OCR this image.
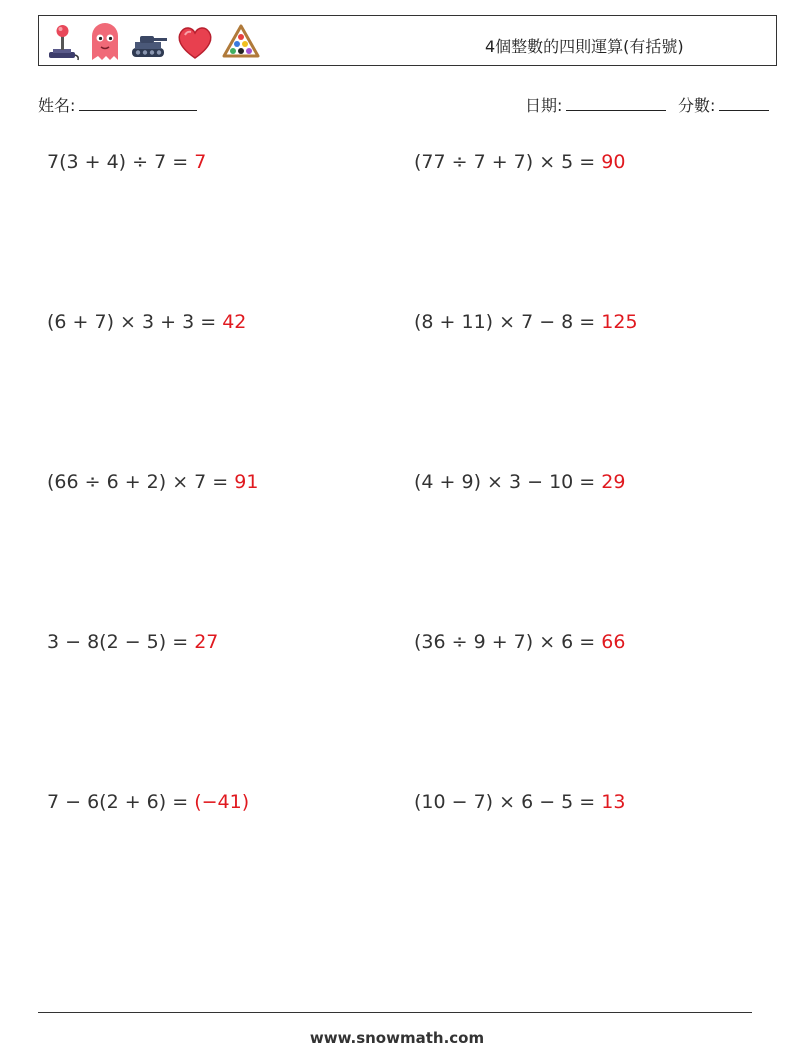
4個整數的四則運算(有括號)
姓名:	日期:	分數:
7(3 + 4) ÷ 7 = 7	(77 ÷ 7 + 7) × 5 = 90
(6 + 7) × 3 + 3 = 42	(8 + 11) × 7 − 8 = 125
(66 ÷ 6 + 2) × 7 = 91	(4 + 9) × 3 − 10 = 29
3 − 8(2 − 5) = 27	(36 ÷ 9 + 7) × 6 = 66
7 − 6(2 + 6) = (−41)	(10 − 7) × 6 − 5 = 13
www.snowmath.com
